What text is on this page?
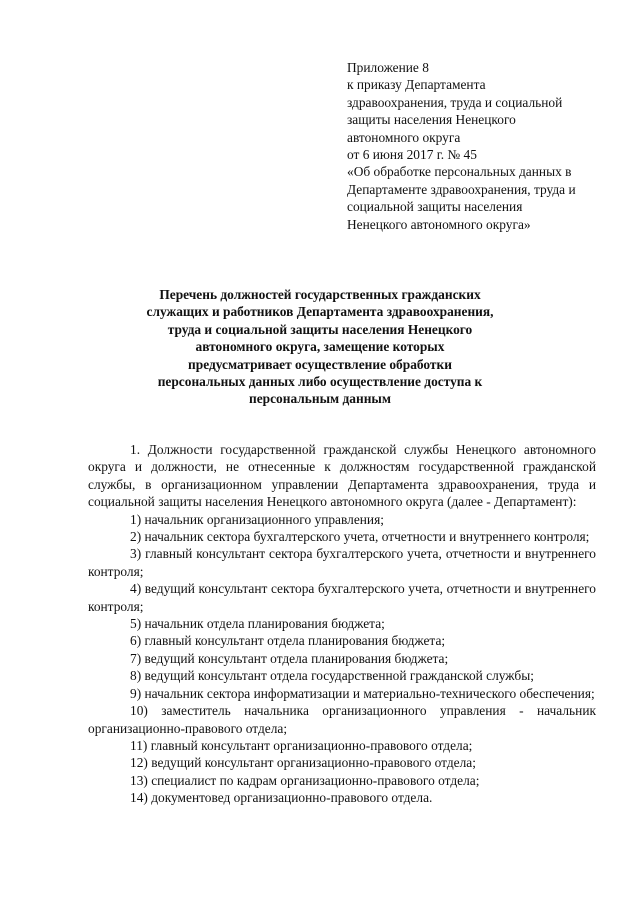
Приложение 8
к приказу Департамента
здравоохранения, труда и социальной
защиты населения Ненецкого
автономного округа
от 6 июня 2017 г. № 45
«Об обработке персональных данных в
Департаменте здравоохранения, труда и
социальной защиты населения
Ненецкого автономного округа»
Перечень должностей государственных гражданских
служащих и работников Департамента здравоохранения,
труда и социальной защиты населения Ненецкого
автономного округа, замещение которых
предусматривает осуществление обработки
персональных данных либо осуществление доступа к
персональным данным

1. Должности государственной гражданской службы Ненецкого автономного округа и должности, не отнесенные к должностям государственной гражданской службы, в организационном управлении Департамента здравоохранения, труда и социальной защиты населения Ненецкого автономного округа (далее - Департамент):

1) начальник организационного управления;

2) начальник сектора бухгалтерского учета, отчетности и внутреннего контроля;

3) главный консультант сектора бухгалтерского учета, отчетности и внутреннего контроля;

4) ведущий консультант сектора бухгалтерского учета, отчетности и внутреннего контроля;

5) начальник отдела планирования бюджета;

6) главный консультант отдела планирования бюджета;

7) ведущий консультант отдела планирования бюджета;

8) ведущий консультант отдела государственной гражданской службы;

9) начальник сектора информатизации и материально-технического обеспечения;

10) заместитель начальника организационного управления - начальник организационно-правового отдела;

11) главный консультант организационно-правового отдела;

12) ведущий консультант организационно-правового отдела;

13) специалист по кадрам организационно-правового отдела;

14) документовед организационно-правового отдела.
